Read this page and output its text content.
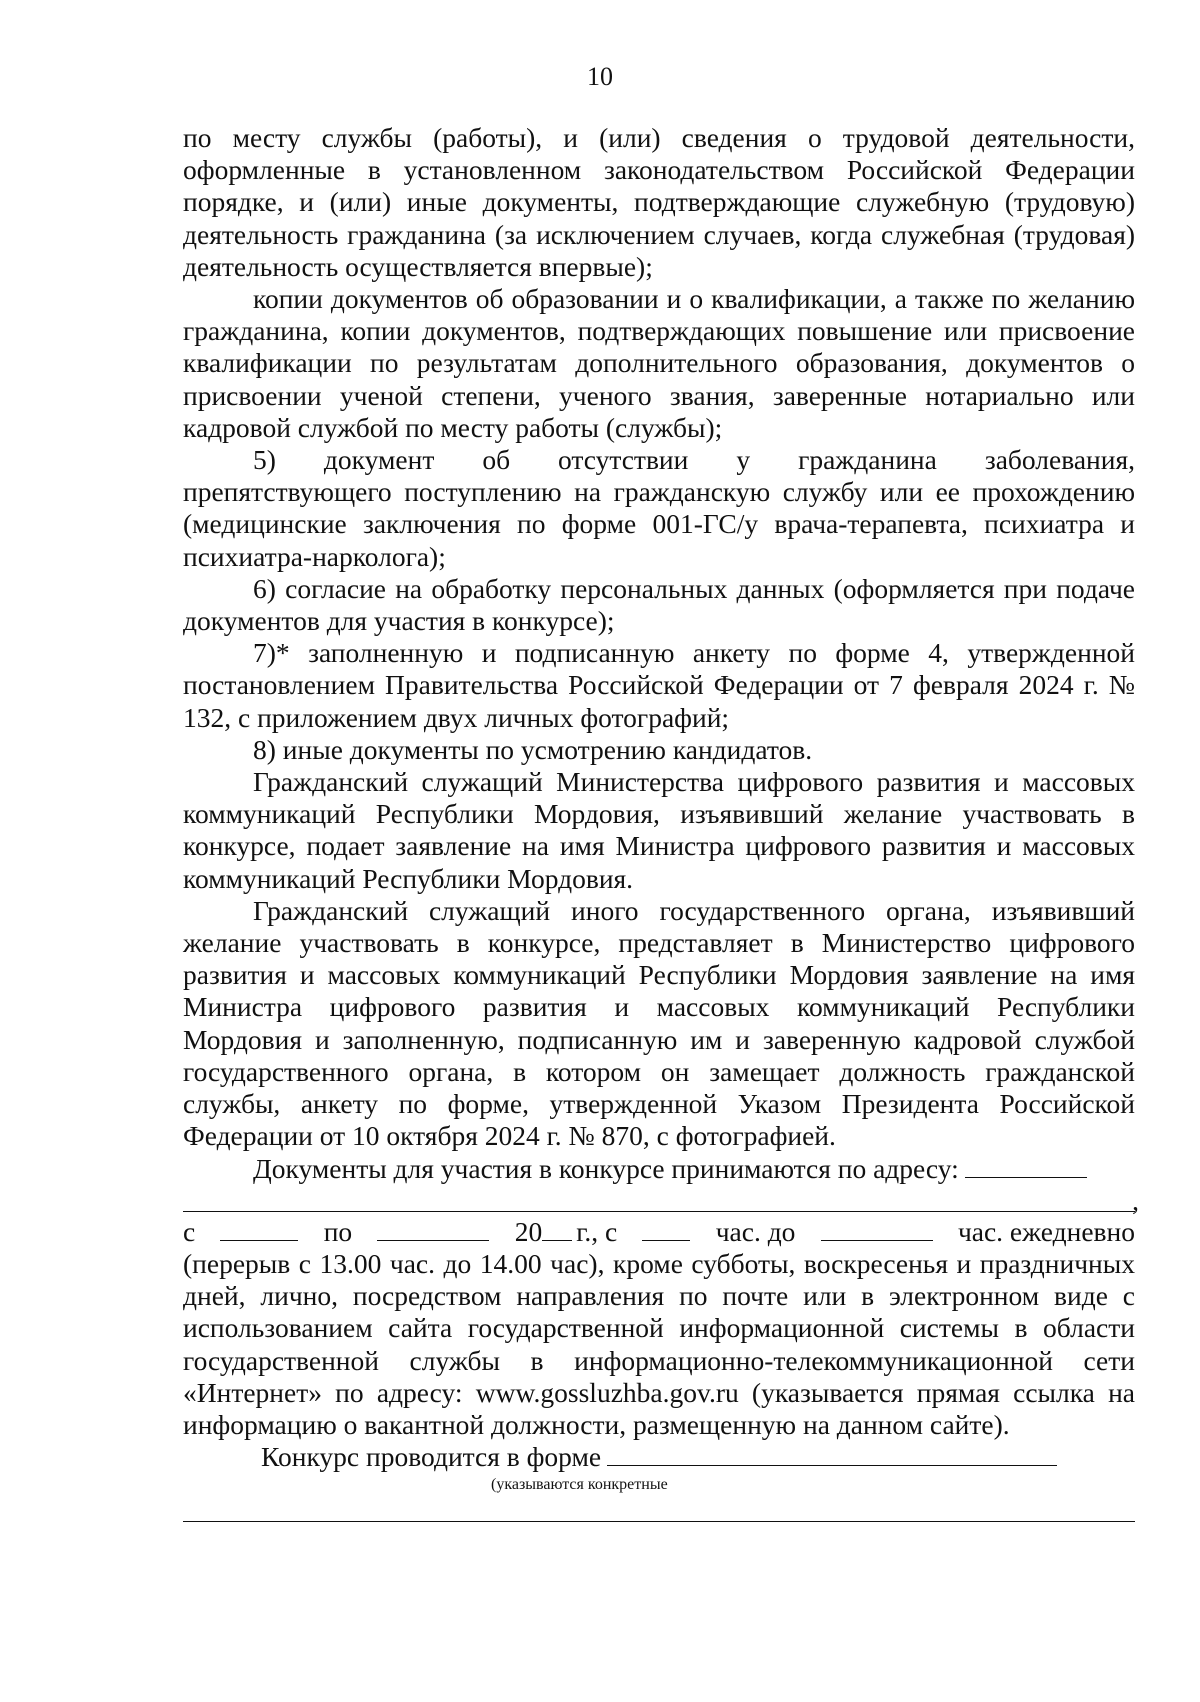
10

по месту службы (работы), и (или) сведения о трудовой деятельности, оформленные в установленном законодательством Российской Федерации порядке, и (или) иные документы, подтверждающие служебную (трудовую) деятельность гражданина (за исключением случаев, когда служебная (трудовая) деятельность осуществляется впервые);

копии документов об образовании и о квалификации, а также по желанию гражданина, копии документов, подтверждающих повышение или присвоение квалификации по результатам дополнительного образования, документов о присвоении ученой степени, ученого звания, заверенные нотариально или кадровой службой по месту работы (службы);

5) документ об отсутствии у гражданина заболевания,

препятствующего поступлению на гражданскую службу или ее прохождению (медицинские заключения по форме 001-ГС/у врача-терапевта, психиатра и психиатра-нарколога);

6) согласие на обработку персональных данных (оформляется при подаче документов для участия в конкурсе);

7)* заполненную и подписанную анкету по форме 4, утвержденной постановлением Правительства Российской Федерации от 7 февраля 2024 г. № 132, с приложением двух личных фотографий;

8) иные документы по усмотрению кандидатов.

Гражданский служащий Министерства цифрового развития и массовых коммуникаций Республики Мордовия, изъявивший желание участвовать в конкурсе, подает заявление на имя Министра цифрового развития и массовых коммуникаций Республики Мордовия.

Гражданский служащий иного государственного органа, изъявивший желание участвовать в конкурсе, представляет в Министерство цифрового развития и массовых коммуникаций Республики Мордовия заявление на имя Министра цифрового развития и массовых коммуникаций Республики Мордовия и заполненную, подписанную им и заверенную кадровой службой государственного органа, в котором он замещает должность гражданской службы, анкету по форме, утвержденной Указом Президента Российской Федерации от 10 октября 2024 г. № 870, с фотографией.

Документы для участия в конкурсе принимаются по адресу:
,
с	по	20 г., с	час. до	час. ежедневно

(перерыв с 13.00 час. до 14.00 час), кроме субботы, воскресенья и праздничных дней, лично, посредством направления по почте или в электронном виде с использованием сайта государственной информационной системы в области государственной службы в информационно-телекоммуникационной сети «Интернет» по адресу: www.gossluzhba.gov.ru (указывается прямая ссылка на информацию о вакантной должности, размещенную на данном сайте).

Конкурс проводится в форме

(указываются конкретные
